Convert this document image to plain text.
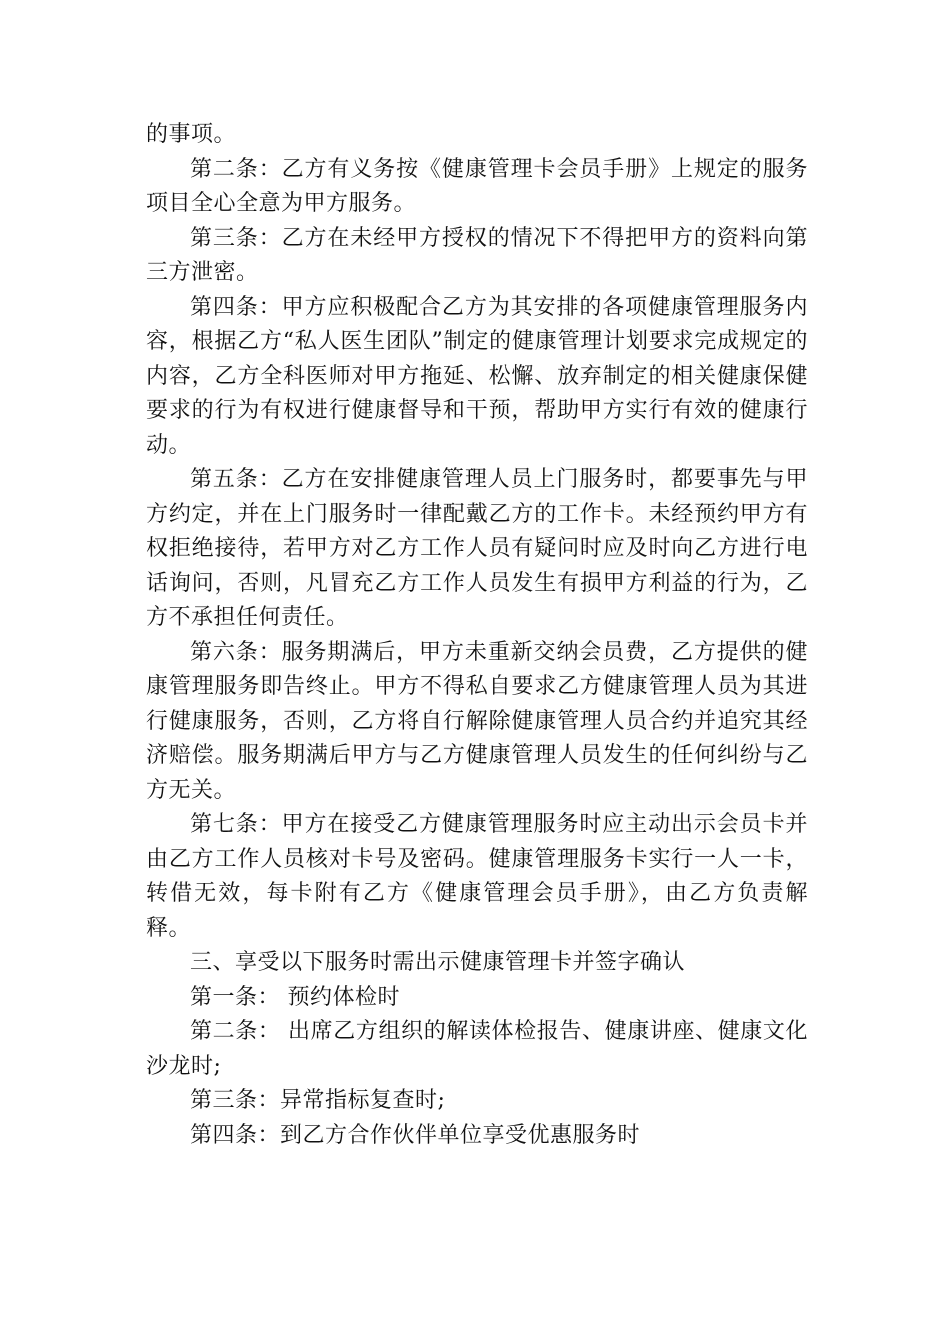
的事项。

第二条：乙方有义务按《健康管理卡会员手册》上规定的服务项目全心全意为甲方服务。

第三条：乙方在未经甲方授权的情况下不得把甲方的资料向第三方泄密。

第四条：甲方应积极配合乙方为其安排的各项健康管理服务内容，根据乙方“私人医生团队”制定的健康管理计划要求完成规定的内容，乙方全科医师对甲方拖延、松懈、放弃制定的相关健康保健要求的行为有权进行健康督导和干预，帮助甲方实行有效的健康行动。

第五条：乙方在安排健康管理人员上门服务时，都要事先与甲方约定，并在上门服务时一律配戴乙方的工作卡。未经预约甲方有权拒绝接待，若甲方对乙方工作人员有疑问时应及时向乙方进行电话询问，否则，凡冒充乙方工作人员发生有损甲方利益的行为，乙方不承担任何责任。

第六条：服务期满后，甲方未重新交纳会员费，乙方提供的健康管理服务即告终止。甲方不得私自要求乙方健康管理人员为其进行健康服务，否则，乙方将自行解除健康管理人员合约并追究其经济赔偿。服务期满后甲方与乙方健康管理人员发生的任何纠纷与乙方无关。

第七条：甲方在接受乙方健康管理服务时应主动出示会员卡并由乙方工作人员核对卡号及密码。健康管理服务卡实行一人一卡，转借无效，每卡附有乙方《健康管理会员手册》，由乙方负责解释。

三、享受以下服务时需出示健康管理卡并签字确认

第一条： 预约体检时

第二条： 出席乙方组织的解读体检报告、健康讲座、健康文化沙龙时;

第三条：异常指标复查时;

第四条：到乙方合作伙伴单位享受优惠服务时
